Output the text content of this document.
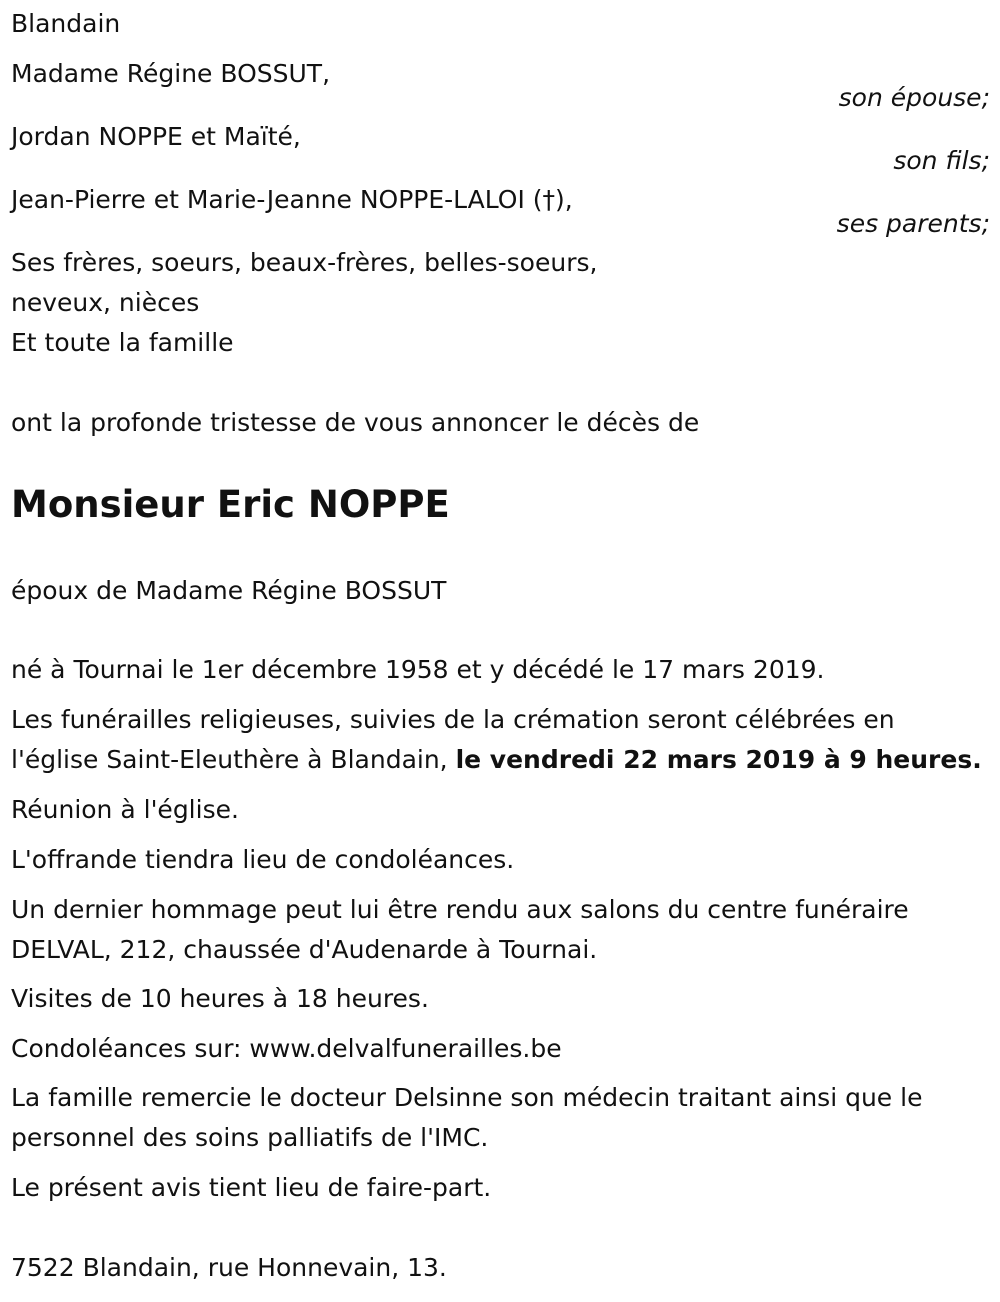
Blandain
Madame Régine BOSSUT,
son épouse;
Jordan NOPPE et Maïté,
son fils;
Jean-Pierre et Marie-Jeanne NOPPE-LALOI (†),
ses parents;
Ses frères, soeurs, beaux-frères, belles-soeurs,
neveux, nièces
Et toute la famille
ont la profonde tristesse de vous annoncer le décès de
Monsieur Eric NOPPE
époux de Madame Régine BOSSUT
né à Tournai le 1er décembre 1958 et y décédé le 17 mars 2019.
Les funérailles religieuses, suivies de la crémation seront célébrées en
l'église Saint-Eleuthère à Blandain, le vendredi 22 mars 2019 à 9 heures.
Réunion à l'église.
L'offrande tiendra lieu de condoléances.
Un dernier hommage peut lui être rendu aux salons du centre funéraire
DELVAL, 212, chaussée d'Audenarde à Tournai.
Visites de 10 heures à 18 heures.
Condoléances sur: www.delvalfunerailles.be
La famille remercie le docteur Delsinne son médecin traitant ainsi que le
personnel des soins palliatifs de l'IMC.
Le présent avis tient lieu de faire-part.
7522 Blandain, rue Honnevain, 13.
